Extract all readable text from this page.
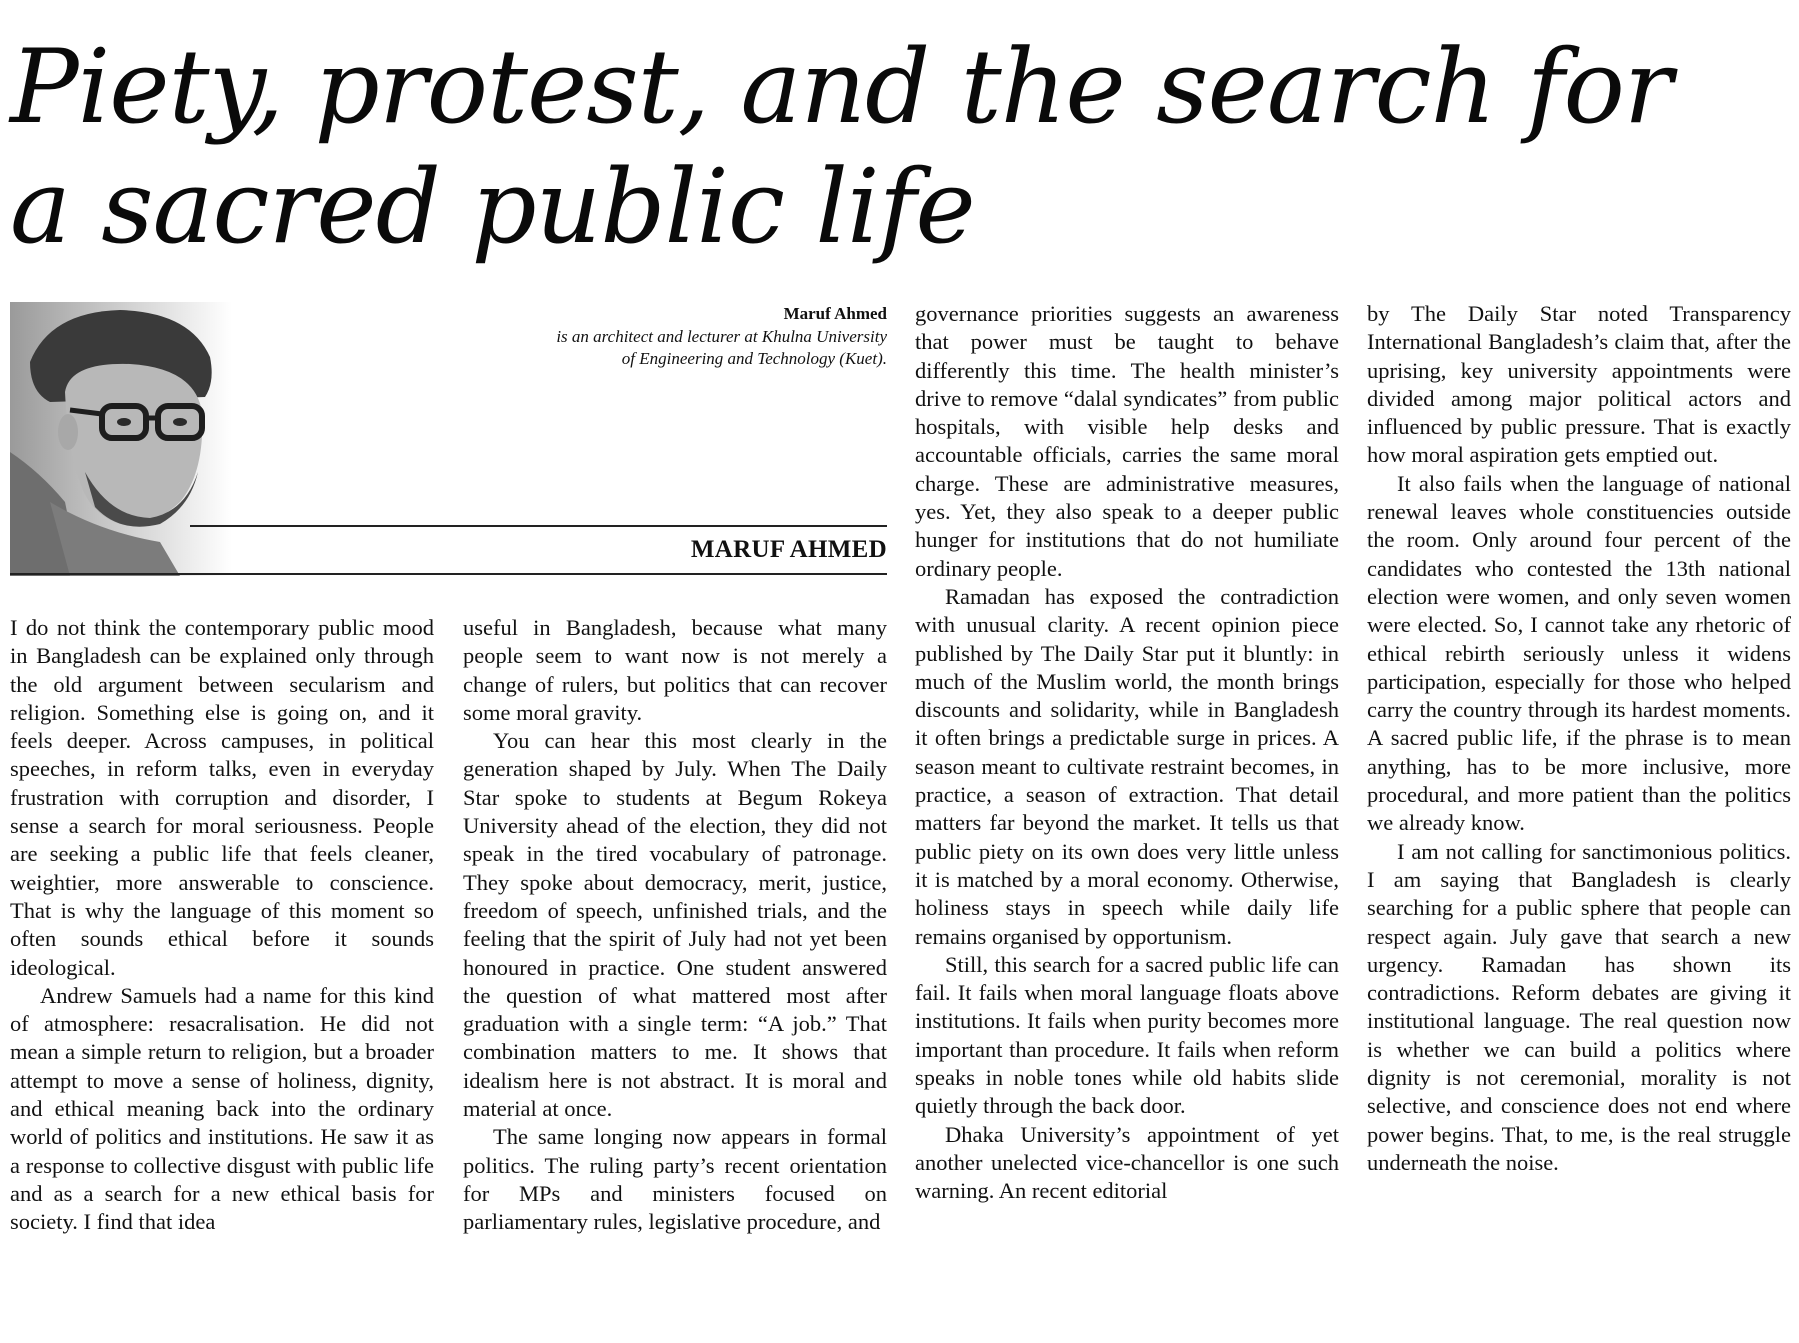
Piety, protest, and the search for
a sacred public life
Maruf Ahmed
is an architect and lecturer at Khulna University
of Engineering and Technology (Kuet).
MARUF AHMED

I do not think the contemporary public mood in Bangladesh can be explained only through the old argument between secularism and religion. Something else is going on, and it feels deeper. Across campuses, in political speeches, in reform talks, even in everyday frustration with corruption and disorder, I sense a search for moral seriousness. People are seeking a public life that feels cleaner, weightier, more answerable to conscience. That is why the language of this moment so often sounds ethical before it sounds ideological.

Andrew Samuels had a name for this kind of atmosphere: resacralisation. He did not mean a simple return to religion, but a broader attempt to move a sense of holiness, dignity, and ethical meaning back into the ordinary world of politics and institutions. He saw it as a response to collective disgust with public life and as a search for a new ethical basis for society. I find that idea

useful in Bangladesh, because what many people seem to want now is not merely a change of rulers, but politics that can recover some moral gravity.

You can hear this most clearly in the generation shaped by July. When The Daily Star spoke to students at Begum Rokeya University ahead of the election, they did not speak in the tired vocabulary of patronage. They spoke about democracy, merit, justice, freedom of speech, unfinished trials, and the feeling that the spirit of July had not yet been honoured in practice. One student answered the question of what mattered most after graduation with a single term: “A job.” That combination matters to me. It shows that idealism here is not abstract. It is moral and material at once.

The same longing now appears in formal politics. The ruling party’s recent orientation for MPs and ministers focused on parliamentary rules, legislative procedure, and

governance priorities suggests an awareness that power must be taught to behave differently this time. The health minister’s drive to remove “dalal syndicates” from public hospitals, with visible help desks and accountable officials, carries the same moral charge. These are administrative measures, yes. Yet, they also speak to a deeper public hunger for institutions that do not humiliate ordinary people.

Ramadan has exposed the contradiction with unusual clarity. A recent opinion piece published by The Daily Star put it bluntly: in much of the Muslim world, the month brings discounts and solidarity, while in Bangladesh it often brings a predictable surge in prices. A season meant to cultivate restraint becomes, in practice, a season of extraction. That detail matters far beyond the market. It tells us that public piety on its own does very little unless it is matched by a moral economy. Otherwise, holiness stays in speech while daily life remains organised by opportunism.

Still, this search for a sacred public life can fail. It fails when moral language floats above institutions. It fails when purity becomes more important than procedure. It fails when reform speaks in noble tones while old habits slide quietly through the back door.

Dhaka University’s appointment of yet another unelected vice-chancellor is one such warning. An recent editorial

by The Daily Star noted Transparency International Bangladesh’s claim that, after the uprising, key university appointments were divided among major political actors and influenced by public pressure. That is exactly how moral aspiration gets emptied out.

It also fails when the language of national renewal leaves whole constituencies outside the room. Only around four percent of the candidates who contested the 13th national election were women, and only seven women were elected. So, I cannot take any rhetoric of ethical rebirth seriously unless it widens participation, especially for those who helped carry the country through its hardest moments. A sacred public life, if the phrase is to mean anything, has to be more inclusive, more procedural, and more patient than the politics we already know.

I am not calling for sanctimonious politics. I am saying that Bangladesh is clearly searching for a public sphere that people can respect again. July gave that search a new urgency. Ramadan has shown its contradictions. Reform debates are giving it institutional language. The real question now is whether we can build a politics where dignity is not ceremonial, morality is not selective, and conscience does not end where power begins. That, to me, is the real struggle underneath the noise.
